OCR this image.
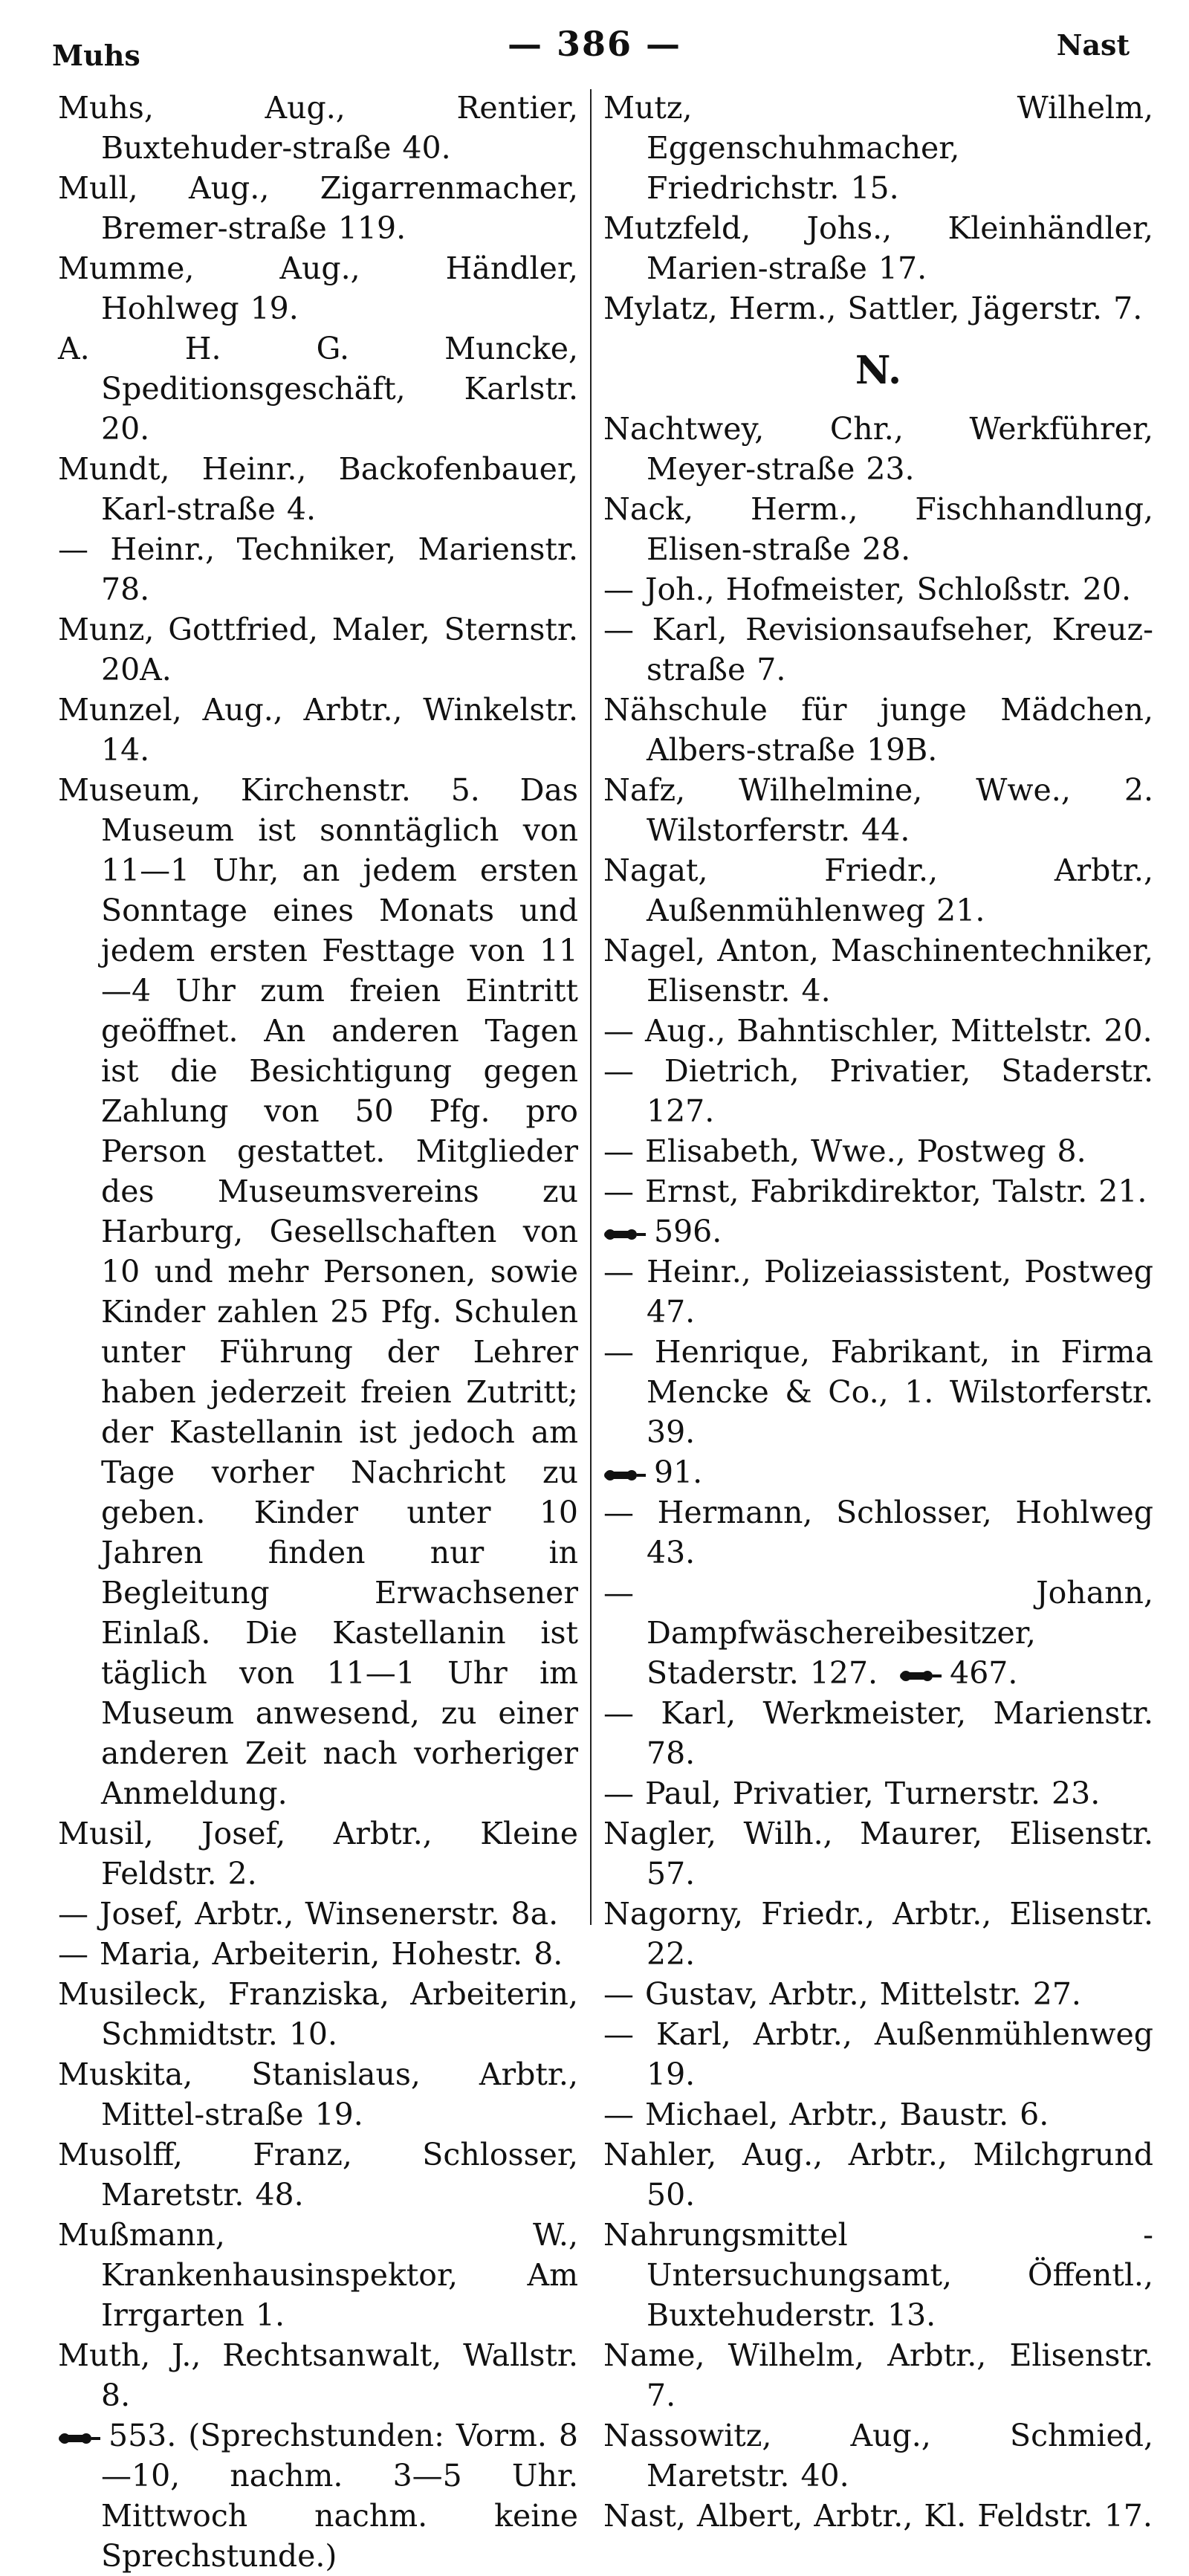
Muhs	— 386 —	Nast

Muhs, Aug., Rentier, Buxtehuder-straße 40.

Mull, Aug., Zigarrenmacher, Bremer-straße 119.

Mumme, Aug., Händler, Hohlweg 19.

A. H. G. Muncke, Speditionsgeschäft, Karlstr. 20.

Mundt, Heinr., Backofenbauer, Karl-straße 4.

— Heinr., Techniker, Marienstr. 78.

Munz, Gottfried, Maler, Sternstr. 20A.

Munzel, Aug., Arbtr., Winkelstr. 14.

Museum, Kirchenstr. 5. Das Museum ist sonntäglich von 11—1 Uhr, an jedem ersten Sonntage eines Monats und jedem ersten Festtage von 11—4 Uhr zum freien Eintritt geöffnet. An anderen Tagen ist die Besichtigung gegen Zahlung von 50 Pfg. pro Person gestattet. Mitglieder des Museumsvereins zu Harburg, Gesellschaften von 10 und mehr Personen, sowie Kinder zahlen 25 Pfg. Schulen unter Führung der Lehrer haben jederzeit freien Zutritt; der Kastellanin ist jedoch am Tage vorher Nachricht zu geben. Kinder unter 10 Jahren finden nur in Begleitung Erwachsener Einlaß. Die Kastellanin ist täglich von 11—1 Uhr im Museum anwesend, zu einer anderen Zeit nach vorheriger Anmeldung.

Musil, Josef, Arbtr., Kleine Feldstr. 2.

— Josef, Arbtr., Winsenerstr. 8a.

— Maria, Arbeiterin, Hohestr. 8.

Musileck, Franziska, Arbeiterin, Schmidtstr. 10.

Muskita, Stanislaus, Arbtr., Mittel-straße 19.

Musolff, Franz, Schlosser, Maretstr. 48.

Mußmann, W., Krankenhausinspektor, Am Irrgarten 1.

Muth, J., Rechtsanwalt, Wallstr. 8.

553. (Sprechstunden: Vorm. 8—10, nachm. 3—5 Uhr. Mittwoch nachm. keine Sprechstunde.)

Mutz, Wilhelm, Eggenschuhmacher, Friedrichstr. 15.

Mutzfeld, Johs., Kleinhändler, Marien-straße 17.

Mylatz, Herm., Sattler, Jägerstr. 7.

N.

Nachtwey, Chr., Werkführer, Meyer-straße 23.

Nack, Herm., Fischhandlung, Elisen-straße 28.

— Joh., Hofmeister, Schloßstr. 20.

— Karl, Revisionsaufseher, Kreuz-straße 7.

Nähschule für junge Mädchen, Albers-straße 19B.

Nafz, Wilhelmine, Wwe., 2. Wilstorferstr. 44.

Nagat, Friedr., Arbtr., Außenmühlenweg 21.

Nagel, Anton, Maschinentechniker, Elisenstr. 4.

— Aug., Bahntischler, Mittelstr. 20.

— Dietrich, Privatier, Staderstr. 127.

— Elisabeth, Wwe., Postweg 8.

— Ernst, Fabrikdirektor, Talstr. 21.

596.

— Heinr., Polizeiassistent, Postweg 47.

— Henrique, Fabrikant, in Firma Mencke & Co., 1. Wilstorferstr. 39.

91.

— Hermann, Schlosser, Hohlweg 43.

— Johann, Dampfwäschereibesitzer, Staderstr. 127. 467.

— Karl, Werkmeister, Marienstr. 78.

— Paul, Privatier, Turnerstr. 23.

Nagler, Wilh., Maurer, Elisenstr. 57.

Nagorny, Friedr., Arbtr., Elisenstr. 22.

— Gustav, Arbtr., Mittelstr. 27.

— Karl, Arbtr., Außenmühlenweg 19.

— Michael, Arbtr., Baustr. 6.

Nahler, Aug., Arbtr., Milchgrund 50.

Nahrungsmittel - Untersuchungsamt, Öffentl., Buxtehuderstr. 13.

Name, Wilhelm, Arbtr., Elisenstr. 7.

Nassowitz, Aug., Schmied, Maretstr. 40.

Nast, Albert, Arbtr., Kl. Feldstr. 17.
